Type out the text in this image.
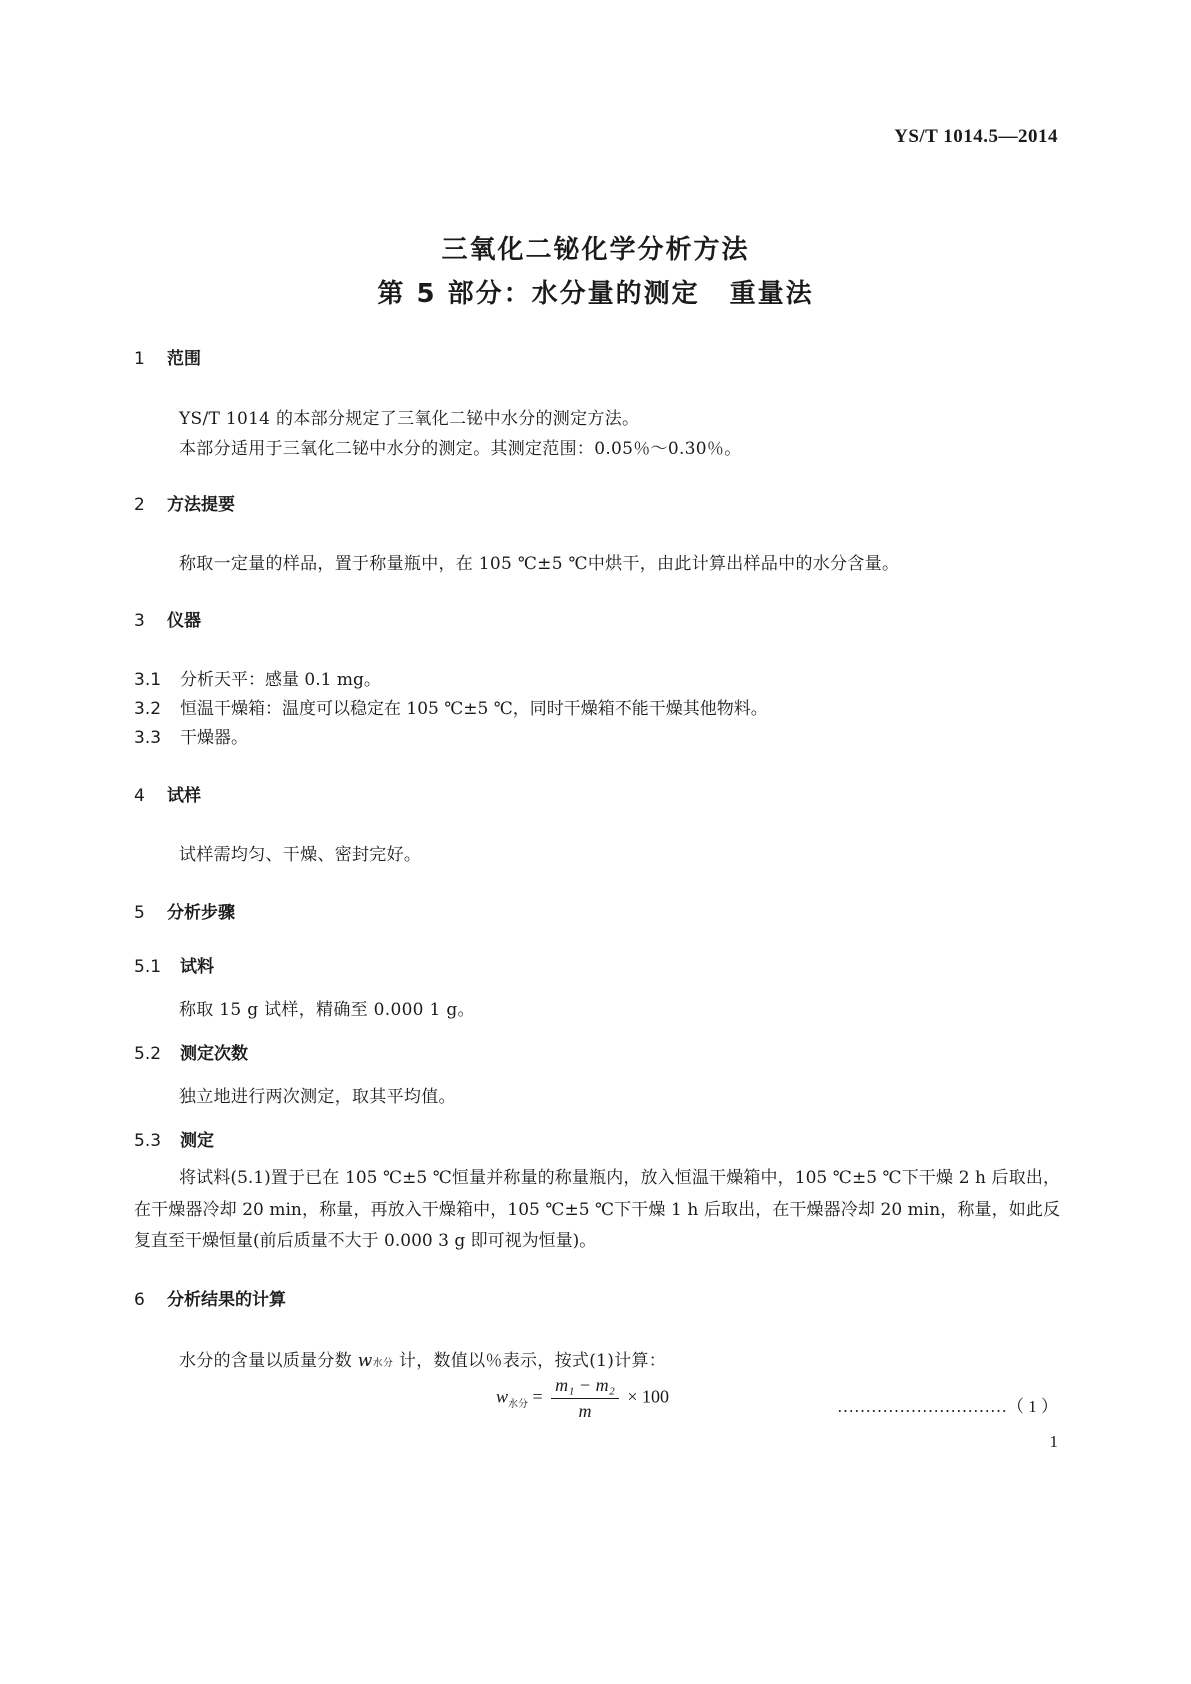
YS/T 1014.5—2014
三氧化二铋化学分析方法
第 5 部分：水分量的测定 重量法
1 范围
YS/T 1014 的本部分规定了三氧化二铋中水分的测定方法。
本部分适用于三氧化二铋中水分的测定。其测定范围：0.05％～0.30％。
2 方法提要
称取一定量的样品，置于称量瓶中，在 105 ℃±5 ℃中烘干，由此计算出样品中的水分含量。
3 仪器
3.1 分析天平：感量 0.1 mg。
3.2 恒温干燥箱：温度可以稳定在 105 ℃±5 ℃，同时干燥箱不能干燥其他物料。
3.3 干燥器。
4 试样
试样需均匀、干燥、密封完好。
5 分析步骤
5.1 试料
称取 15 g 试样，精确至 0.000 1 g。
5.2 测定次数
独立地进行两次测定，取其平均值。
5.3 测定
将试料(5.1)置于已在 105 ℃±5 ℃恒量并称量的称量瓶内，放入恒温干燥箱中，105 ℃±5 ℃下干燥 2 h 后取出，在干燥器冷却 20 min，称量，再放入干燥箱中，105 ℃±5 ℃下干燥 1 h 后取出，在干燥器冷却 20 min，称量，如此反复直至干燥恒量(前后质量不大于 0.000 3 g 即可视为恒量)。
6 分析结果的计算
水分的含量以质量分数 w水分 计，数值以％表示，按式(1)计算：
$w_{水分} = \frac{\text{m₁ − m₂}}{m} \times 100$	…………………………（ 1 ）
1
